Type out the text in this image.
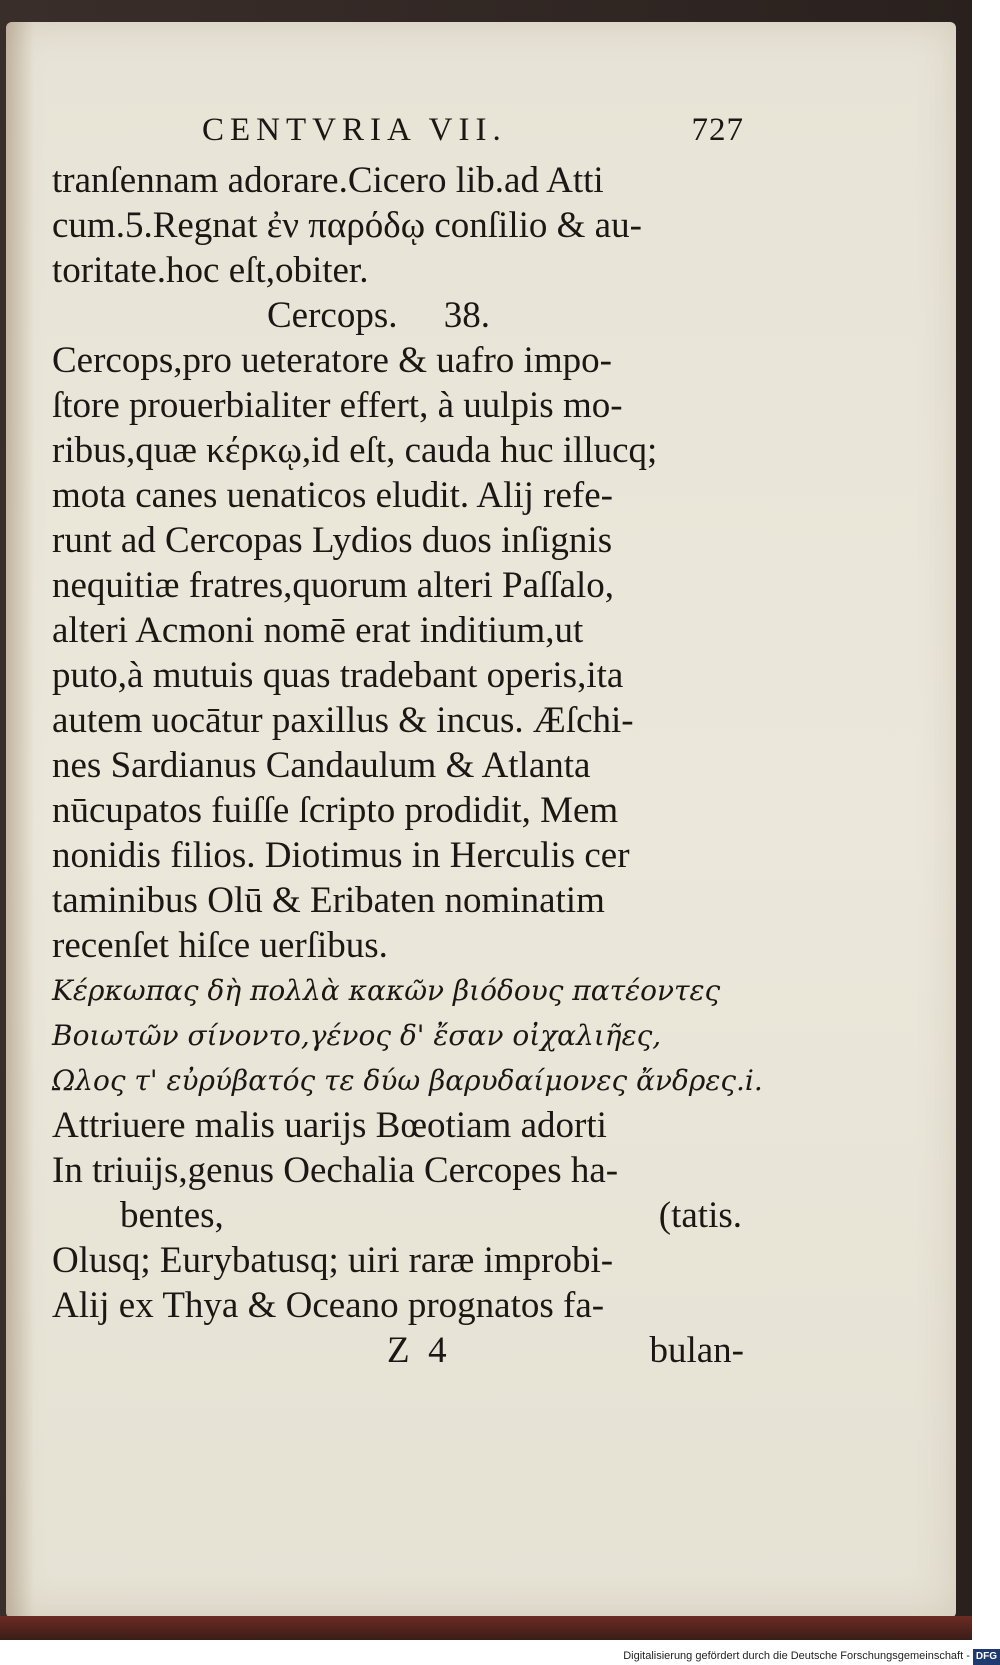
CENTVRIA VII.	727
tranſennam adorare.Cicero lib.ad Atti
cum.5.Regnat ἐν παρόδῳ conſilio & au-
toritate.hoc eſt,obiter.
Cercops.     38.
Cercops,pro ueteratore & uafro impo-
ſtore prouerbialiter effert, à uulpis mo-
ribus,quæ κέρκῳ,id eſt, cauda huc illucq;
mota canes uenaticos eludit. Alij refe-
runt ad Cercopas Lydios duos inſignis
nequitiæ fratres,quorum alteri Paſſalo,
alteri Acmoni nomē erat inditium,ut
puto,à mutuis quas tradebant operis,ita
autem uocātur paxillus & incus. Æſchi-
nes Sardianus Candaulum & Atlanta
nūcupatos fuiſſe ſcripto prodidit, Mem
nonidis filios. Diotimus in Herculis cer
taminibus Olū & Eribaten nominatim
recenſet hiſce uerſibus.
Κέρκωπας δὴ πολλὰ κακῶν βιόδους πατέοντες
Βοιωτῶν σίνοντο,γένος δ' ἔσαν οἰχαλιῆες,
Ωλος τ' εὐρύβατός τε δύω βαρυδαίμονες ἄνδρες.i.
Attriuere malis uarijs Bœotiam adorti
In triuijs,genus Oechalia Cercopes ha-
bentes,	(tatis.
Olusq; Eurybatusq; uiri raræ improbi-
Alij ex Thya & Oceano prognatos fa-
Z  4	bulan-
Digitalisierung gefördert durch die Deutsche Forschungsgemeinschaft - DFG
